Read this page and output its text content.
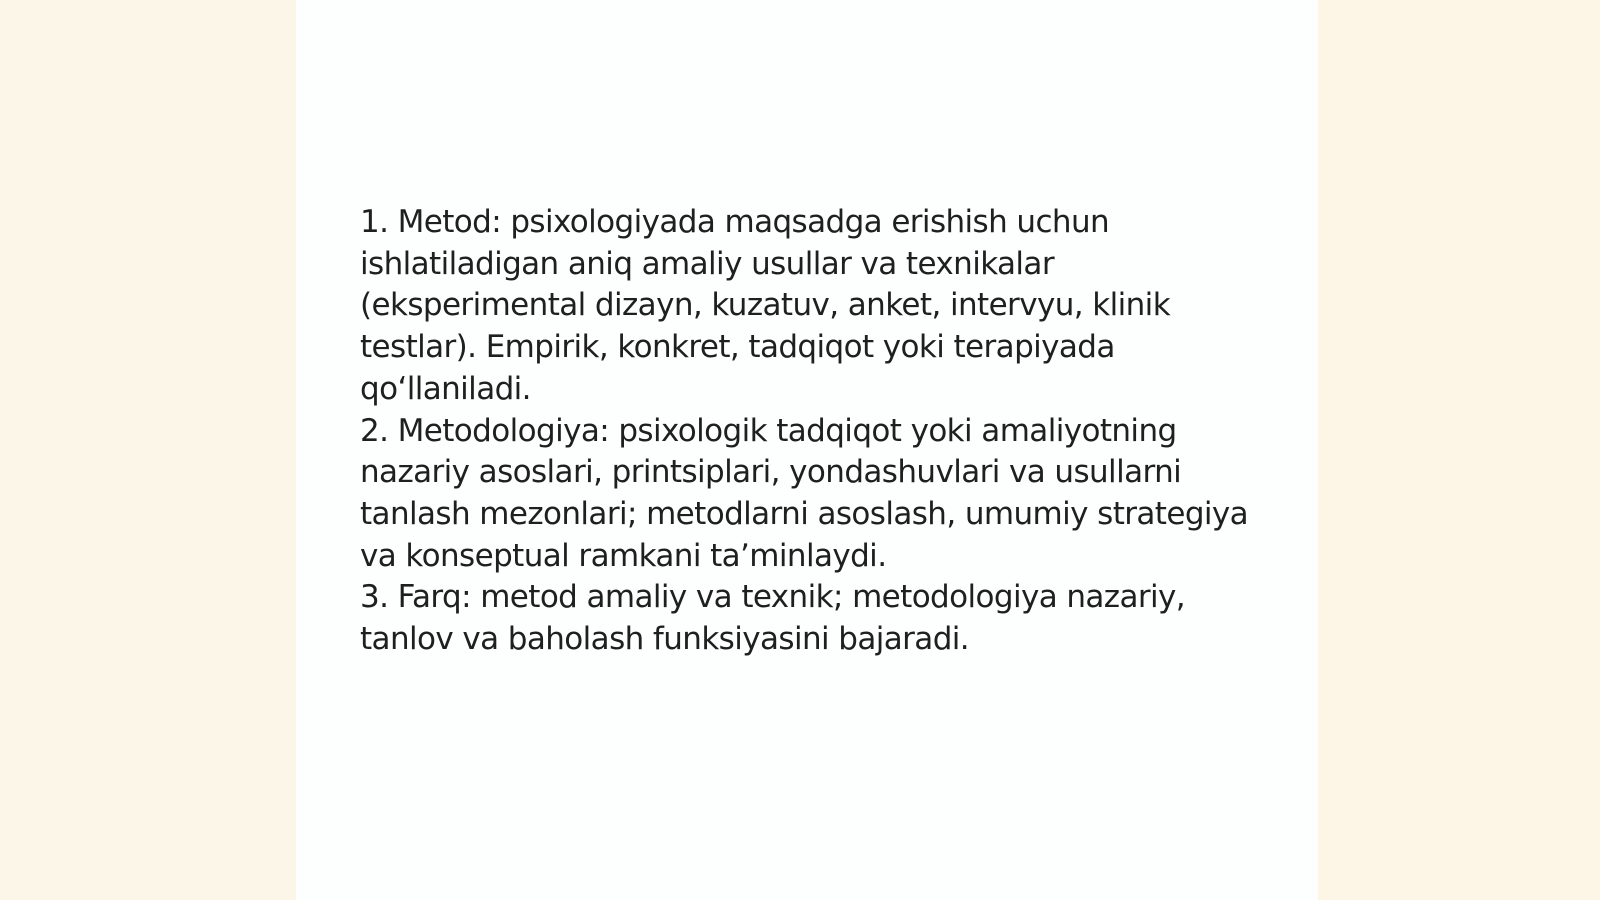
1. Metod: psixologiyada maqsadga erishish uchun ishlatiladigan aniq amaliy usullar va texnikalar (eksperimental dizayn, kuzatuv, anket, intervyu, klinik testlar). Empirik, konkret, tadqiqot yoki terapiyada qo‘llaniladi.
2. Metodologiya: psixologik tadqiqot yoki amaliyotning nazariy asoslari, printsiplari, yondashuvlari va usullarni tanlash mezonlari; metodlarni asoslash, umumiy strategiya va konseptual ramkani ta’minlaydi.
3. Farq: metod amaliy va texnik; metodologiya nazariy, tanlov va baholash funksiyasini bajaradi.
